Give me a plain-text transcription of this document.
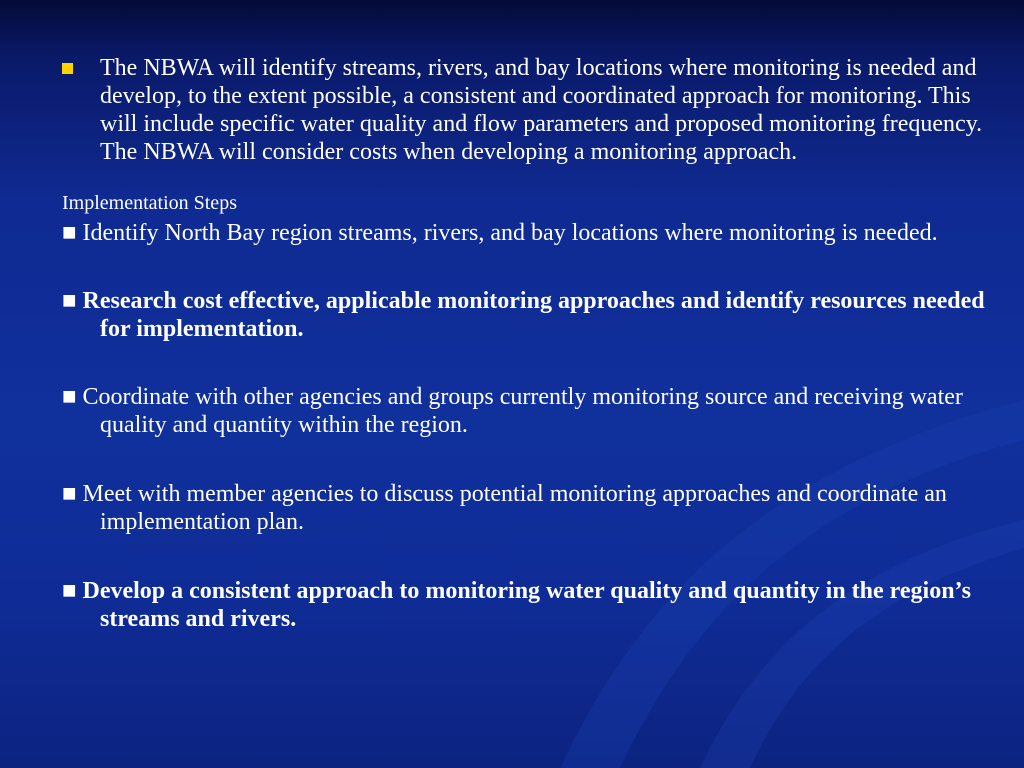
The NBWA will identify streams, rivers, and bay locations where monitoring is needed and develop, to the extent possible, a consistent and coordinated approach for monitoring. This will include specific water quality and flow parameters and proposed monitoring frequency. The NBWA will consider costs when developing a monitoring approach.

Implementation Steps

■ Identify North Bay region streams, rivers, and bay locations where monitoring is needed.

■ Research cost effective, applicable monitoring approaches and identify resources needed for implementation.

■ Coordinate with other agencies and groups currently monitoring source and receiving water quality and quantity within the region.

■ Meet with member agencies to discuss potential monitoring approaches and coordinate an implementation plan.

■ Develop a consistent approach to monitoring water quality and quantity in the region’s streams and rivers.
